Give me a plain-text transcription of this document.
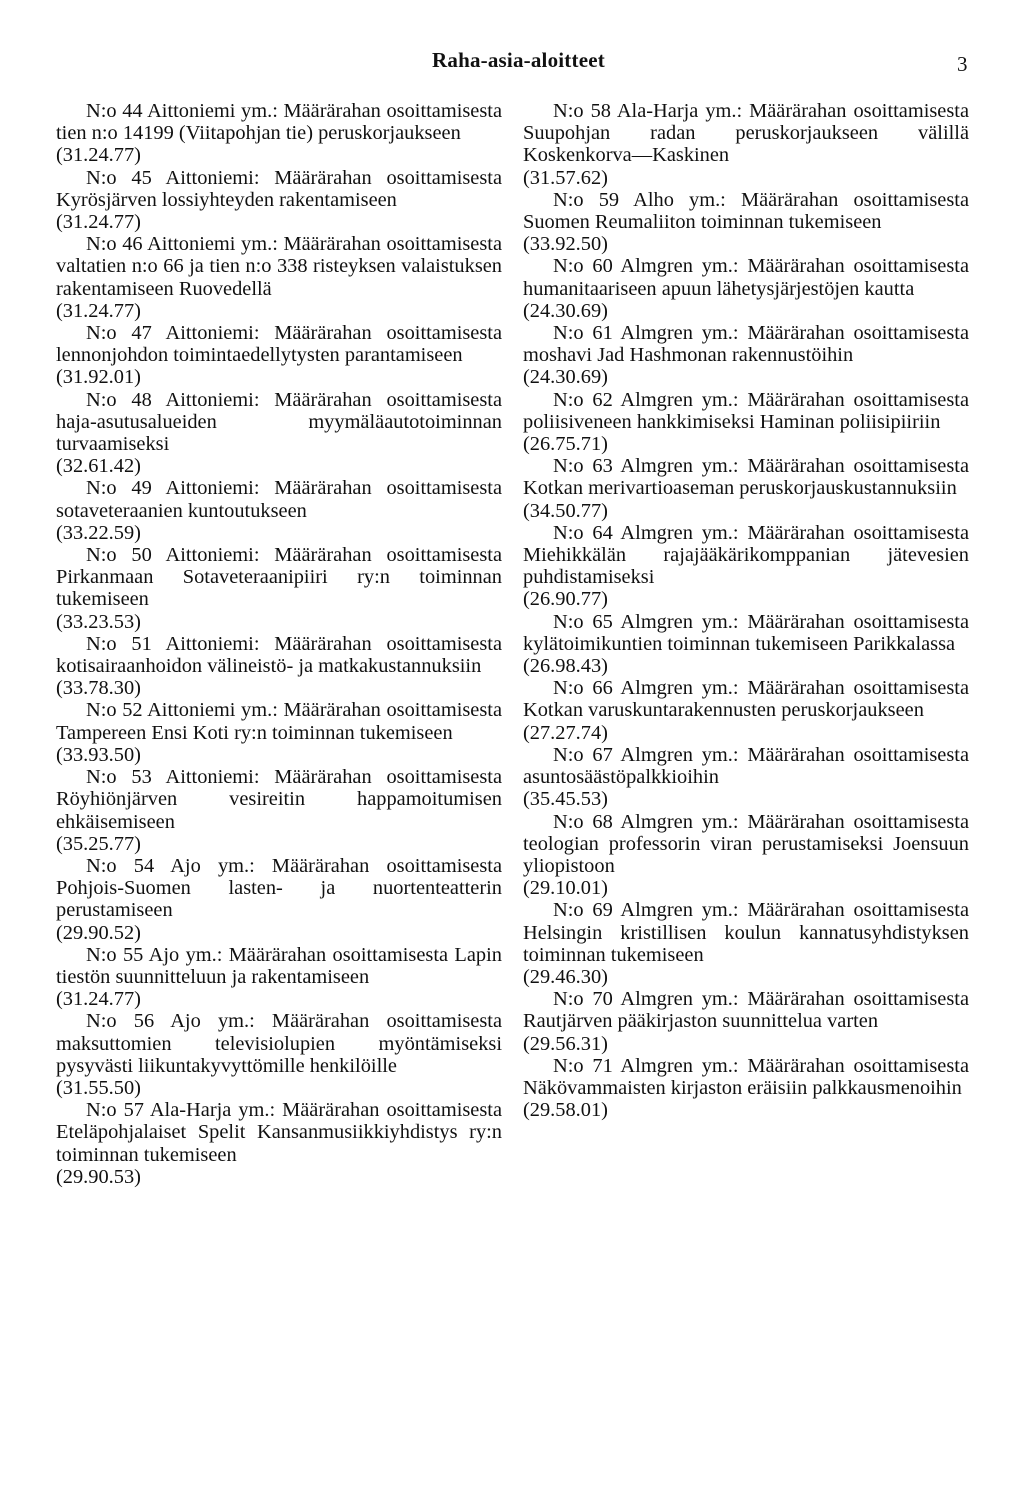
Raha-asia-aloitteet	3
N:o 44 Aittoniemi ym.: Määrärahan osoittamisesta tien n:o 14199 (Viitapohjan tie) peruskorjaukseen
(31.24.77)
N:o 45 Aittoniemi: Määrärahan osoittamisesta Kyrösjärven lossiyhteyden rakentamiseen
(31.24.77)
N:o 46 Aittoniemi ym.: Määrärahan osoittamisesta valtatien n:o 66 ja tien n:o 338 risteyksen valaistuksen rakentamiseen Ruovedellä
(31.24.77)
N:o 47 Aittoniemi: Määrärahan osoittamisesta lennonjohdon toimintaedellytysten parantamiseen
(31.92.01)
N:o 48 Aittoniemi: Määrärahan osoittamisesta haja-asutusalueiden myymäläautotoiminnan turvaamiseksi
(32.61.42)
N:o 49 Aittoniemi: Määrärahan osoittamisesta sotaveteraanien kuntoutukseen
(33.22.59)
N:o 50 Aittoniemi: Määrärahan osoittamisesta Pirkanmaan Sotaveteraanipiiri ry:n toiminnan tukemiseen
(33.23.53)
N:o 51 Aittoniemi: Määrärahan osoittamisesta kotisairaanhoidon välineistö- ja matkakustannuksiin
(33.78.30)
N:o 52 Aittoniemi ym.: Määrärahan osoittamisesta Tampereen Ensi Koti ry:n toiminnan tukemiseen
(33.93.50)
N:o 53 Aittoniemi: Määrärahan osoittamisesta Röyhiönjärven vesireitin happamoitumisen ehkäisemiseen
(35.25.77)
N:o 54 Ajo ym.: Määrärahan osoittamisesta Pohjois-Suomen lasten- ja nuortenteatterin perustamiseen
(29.90.52)
N:o 55 Ajo ym.: Määrärahan osoittamisesta Lapin tiestön suunnitteluun ja rakentamiseen
(31.24.77)
N:o 56 Ajo ym.: Määrärahan osoittamisesta maksuttomien televisiolupien myöntämiseksi pysyvästi liikuntakyvyttömille henkilöille
(31.55.50)
N:o 57 Ala-Harja ym.: Määrärahan osoittamisesta Eteläpohjalaiset Spelit Kansanmusiikkiyhdistys ry:n toiminnan tukemiseen
(29.90.53)
N:o 58 Ala-Harja ym.: Määrärahan osoittamisesta Suupohjan radan peruskorjaukseen välillä Koskenkorva—Kaskinen
(31.57.62)
N:o 59 Alho ym.: Määrärahan osoittamisesta Suomen Reumaliiton toiminnan tukemiseen
(33.92.50)
N:o 60 Almgren ym.: Määrärahan osoittamisesta humanitaariseen apuun lähetysjärjestöjen kautta
(24.30.69)
N:o 61 Almgren ym.: Määrärahan osoittamisesta moshavi Jad Hashmonan rakennustöihin
(24.30.69)
N:o 62 Almgren ym.: Määrärahan osoittamisesta poliisiveneen hankkimiseksi Haminan poliisipiiriin
(26.75.71)
N:o 63 Almgren ym.: Määrärahan osoittamisesta Kotkan merivartioaseman peruskorjauskustannuksiin
(34.50.77)
N:o 64 Almgren ym.: Määrärahan osoittamisesta Miehikkälän rajajääkärikomppanian jätevesien puhdistamiseksi
(26.90.77)
N:o 65 Almgren ym.: Määrärahan osoittamisesta kylätoimikuntien toiminnan tukemiseen Parikkalassa
(26.98.43)
N:o 66 Almgren ym.: Määrärahan osoittamisesta Kotkan varuskuntarakennusten peruskorjaukseen
(27.27.74)
N:o 67 Almgren ym.: Määrärahan osoittamisesta asuntosäästöpalkkioihin
(35.45.53)
N:o 68 Almgren ym.: Määrärahan osoittamisesta teologian professorin viran perustamiseksi Joensuun yliopistoon
(29.10.01)
N:o 69 Almgren ym.: Määrärahan osoittamisesta Helsingin kristillisen koulun kannatusyhdistyksen toiminnan tukemiseen
(29.46.30)
N:o 70 Almgren ym.: Määrärahan osoittamisesta Rautjärven pääkirjaston suunnittelua varten
(29.56.31)
N:o 71 Almgren ym.: Määrärahan osoittamisesta Näkövammaisten kirjaston eräisiin palkkausmenoihin
(29.58.01)
